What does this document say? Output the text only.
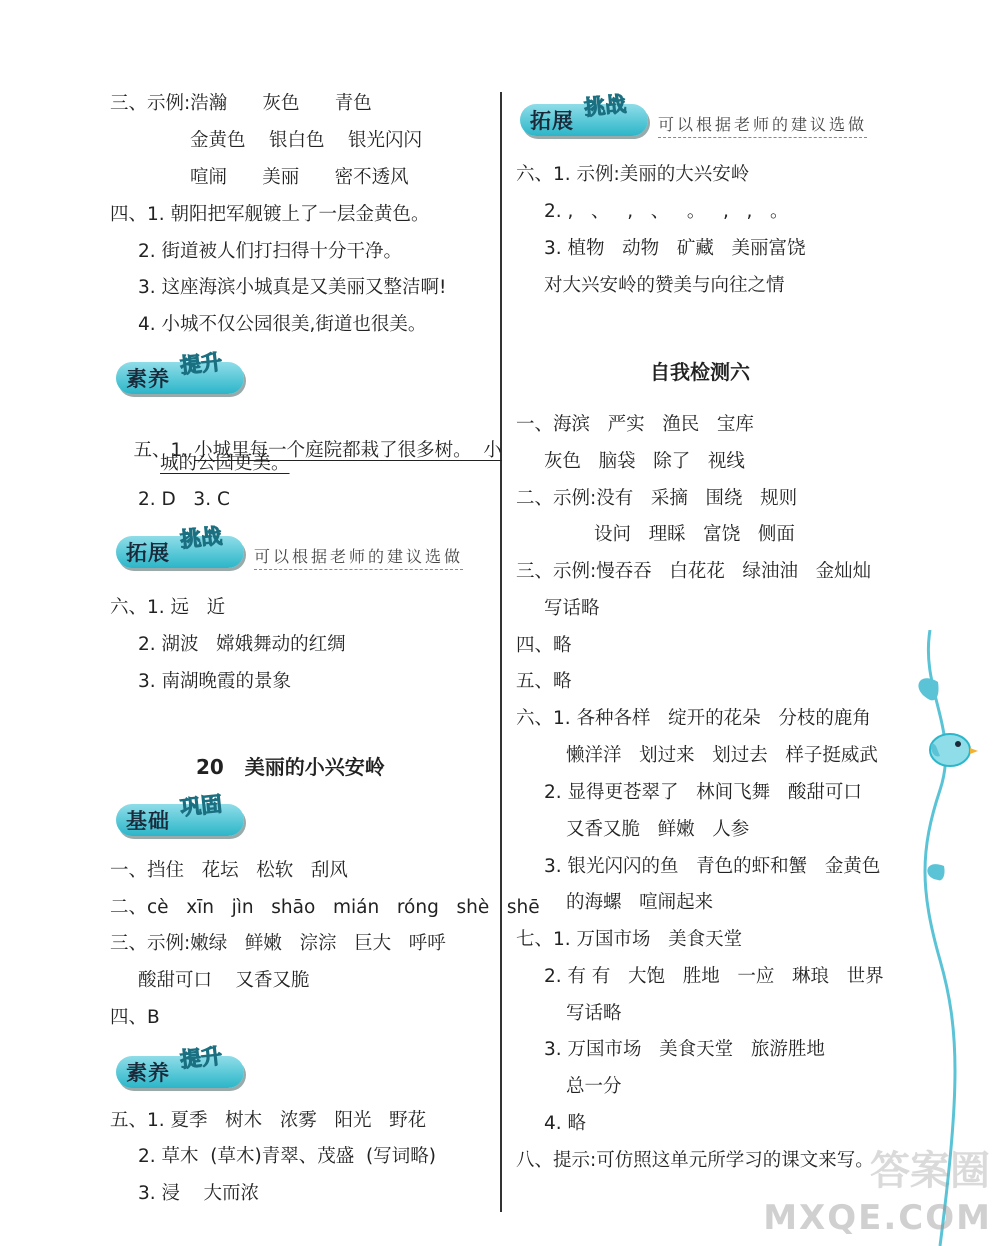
三、示例:浩瀚      灰色      青色
金黄色    银白色    银光闪闪
喧闹      美丽      密不透风
四、1. 朝阳把军舰镀上了一层金黄色。
2. 街道被人们打扫得十分干净。
3. 这座海滨小城真是又美丽又整洁啊!
4. 小城不仅公园很美,街道也很美。
素养
提升

五、1. 小城里每一个庭院都栽了很多树。  小

城的公园更美。
2. D   3. C
拓展
挑战
可以根据老师的建议选做
六、1. 远   近
2. 湖波   嫦娥舞动的红绸
3. 南湖晚霞的景象
20   美丽的小兴安岭
基础
巩固
一、挡住   花坛   松软   刮风
二、cè   xīn   jìn   shāo   mián   róng   shè   shē
三、示例:嫩绿   鲜嫩   淙淙   巨大   呼呼
酸甜可口    又香又脆
四、B
素养
提升
五、1. 夏季   树木   浓雾   阳光   野花
2. 草木  (草木)青翠、茂盛  (写词略)
3. 浸    大而浓
拓展
挑战
可以根据老师的建议选做
六、1. 示例:美丽的大兴安岭
2. ,   、   ,   、   。   ,   ,   。
3. 植物   动物   矿藏   美丽富饶
对大兴安岭的赞美与向往之情
自我检测六
一、海滨   严实   渔民   宝库
灰色   脑袋   除了   视线
二、示例:没有   采摘   围绕   规则
设问   理睬   富饶   侧面
三、示例:慢吞吞   白花花   绿油油   金灿灿
写话略
四、略
五、略
六、1. 各种各样   绽开的花朵   分枝的鹿角
懒洋洋   划过来   划过去   样子挺威武
2. 显得更苍翠了   林间飞舞   酸甜可口
又香又脆   鲜嫩   人参
3. 银光闪闪的鱼   青色的虾和蟹   金黄色
的海螺   喧闹起来
七、1. 万国市场   美食天堂
2. 有 有   大饱   胜地   一应   琳琅   世界
写话略
3. 万国市场   美食天堂   旅游胜地
总一分
4. 略
八、提示:可仿照这单元所学习的课文来写。
答案圈
MXQE.COM
